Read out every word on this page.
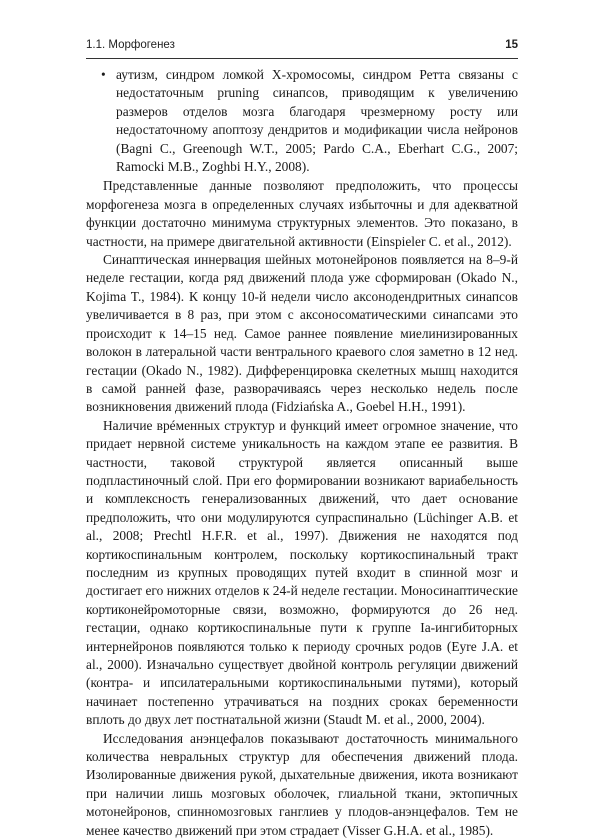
1.1. Морфогенез	15
• аутизм, синдром ломкой X-хромосомы, синдром Ретта связаны с недостаточным pruning синапсов, приводящим к увеличению размеров отделов мозга благодаря чрезмерному росту или недостаточному апоптозу дендритов и модификации числа нейронов (Bagni C., Greenough W.T., 2005; Pardo C.A., Eberhart C.G., 2007; Ramocki M.B., Zoghbi H.Y., 2008).

Представленные данные позволяют предположить, что процессы морфогенеза мозга в определенных случаях избыточны и для адекватной функции достаточно минимума структурных элементов. Это показано, в частности, на примере двигательной активности (Einspieler C. et al., 2012).

Синаптическая иннервация шейных мотонейронов появляется на 8–9-й неделе гестации, когда ряд движений плода уже сформирован (Okado N., Kojima T., 1984). К концу 10-й недели число аксонодендритных синапсов увеличивается в 8 раз, при этом с аксоносоматическими синапсами это происходит к 14–15 нед. Самое раннее появление миелинизированных волокон в латеральной части вентрального краевого слоя заметно в 12 нед. гестации (Okado N., 1982). Дифференцировка скелетных мышц находится в самой ранней фазе, разворачиваясь через несколько недель после возникновения движений плода (Fidziańska A., Goebel H.H., 1991).

Наличие врéменных структур и функций имеет огромное значение, что придает нервной системе уникальность на каждом этапе ее развития. В частности, таковой структурой является описанный выше подпластиночный слой. При его формировании возникают вариабельность и комплексность генерализованных движений, что дает основание предположить, что они модулируются супраспинально (Lüchinger A.B. et al., 2008; Prechtl H.F.R. et al., 1997). Движения не находятся под кортикоспинальным контролем, поскольку кортикоспинальный тракт последним из крупных проводящих путей входит в спинной мозг и достигает его нижних отделов к 24-й неделе гестации. Моносинаптические кортиконейромоторные связи, возможно, формируются до 26 нед. гестации, однако кортикоспинальные пути к группе Ia-ингибиторных интернейронов появляются только к периоду срочных родов (Eyre J.A. et al., 2000). Изначально существует двойной контроль регуляции движений (контра- и ипсилатеральными кортикоспинальными путями), который начинает постепенно утрачиваться на поздних сроках беременности вплоть до двух лет постнатальной жизни (Staudt M. et al., 2000, 2004).

Исследования анэнцефалов показывают достаточность минимального количества невральных структур для обеспечения движений плода. Изолированные движения рукой, дыхательные движения, икота возникают при наличии лишь мозговых оболочек, глиальной ткани, эктопичных мотонейронов, спинномозговых ганглиев у плодов-анэнцефалов. Тем не менее качество движений при этом страдает (Visser G.H.A. et al., 1985).
